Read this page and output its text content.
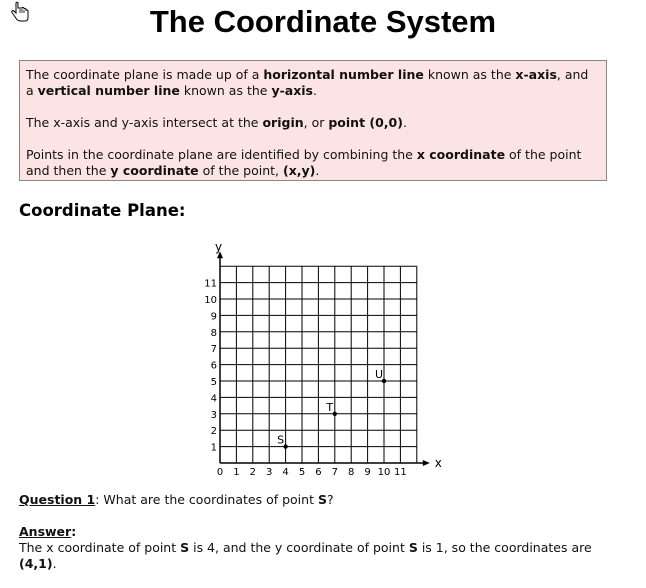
The Coordinate System

The coordinate plane is made up of a horizontal number line known as the x-axis, and a vertical number line known as the y-axis.

The x-axis and y-axis intersect at the origin, or point (0,0).

Points in the coordinate plane are identified by combining the x coordinate of the point and then the y coordinate of the point, (x,y).

Coordinate Plane:
x
y
0 1 2 3 4 5 6 7 8 9 10 11
1
2
3
4
5
6
7
8
9
10
11
S
T
U
Question 1: What are the coordinates of point S?
Answer:
The x coordinate of point S is 4, and the y coordinate of point S is 1, so the coordinates are (4,1).
